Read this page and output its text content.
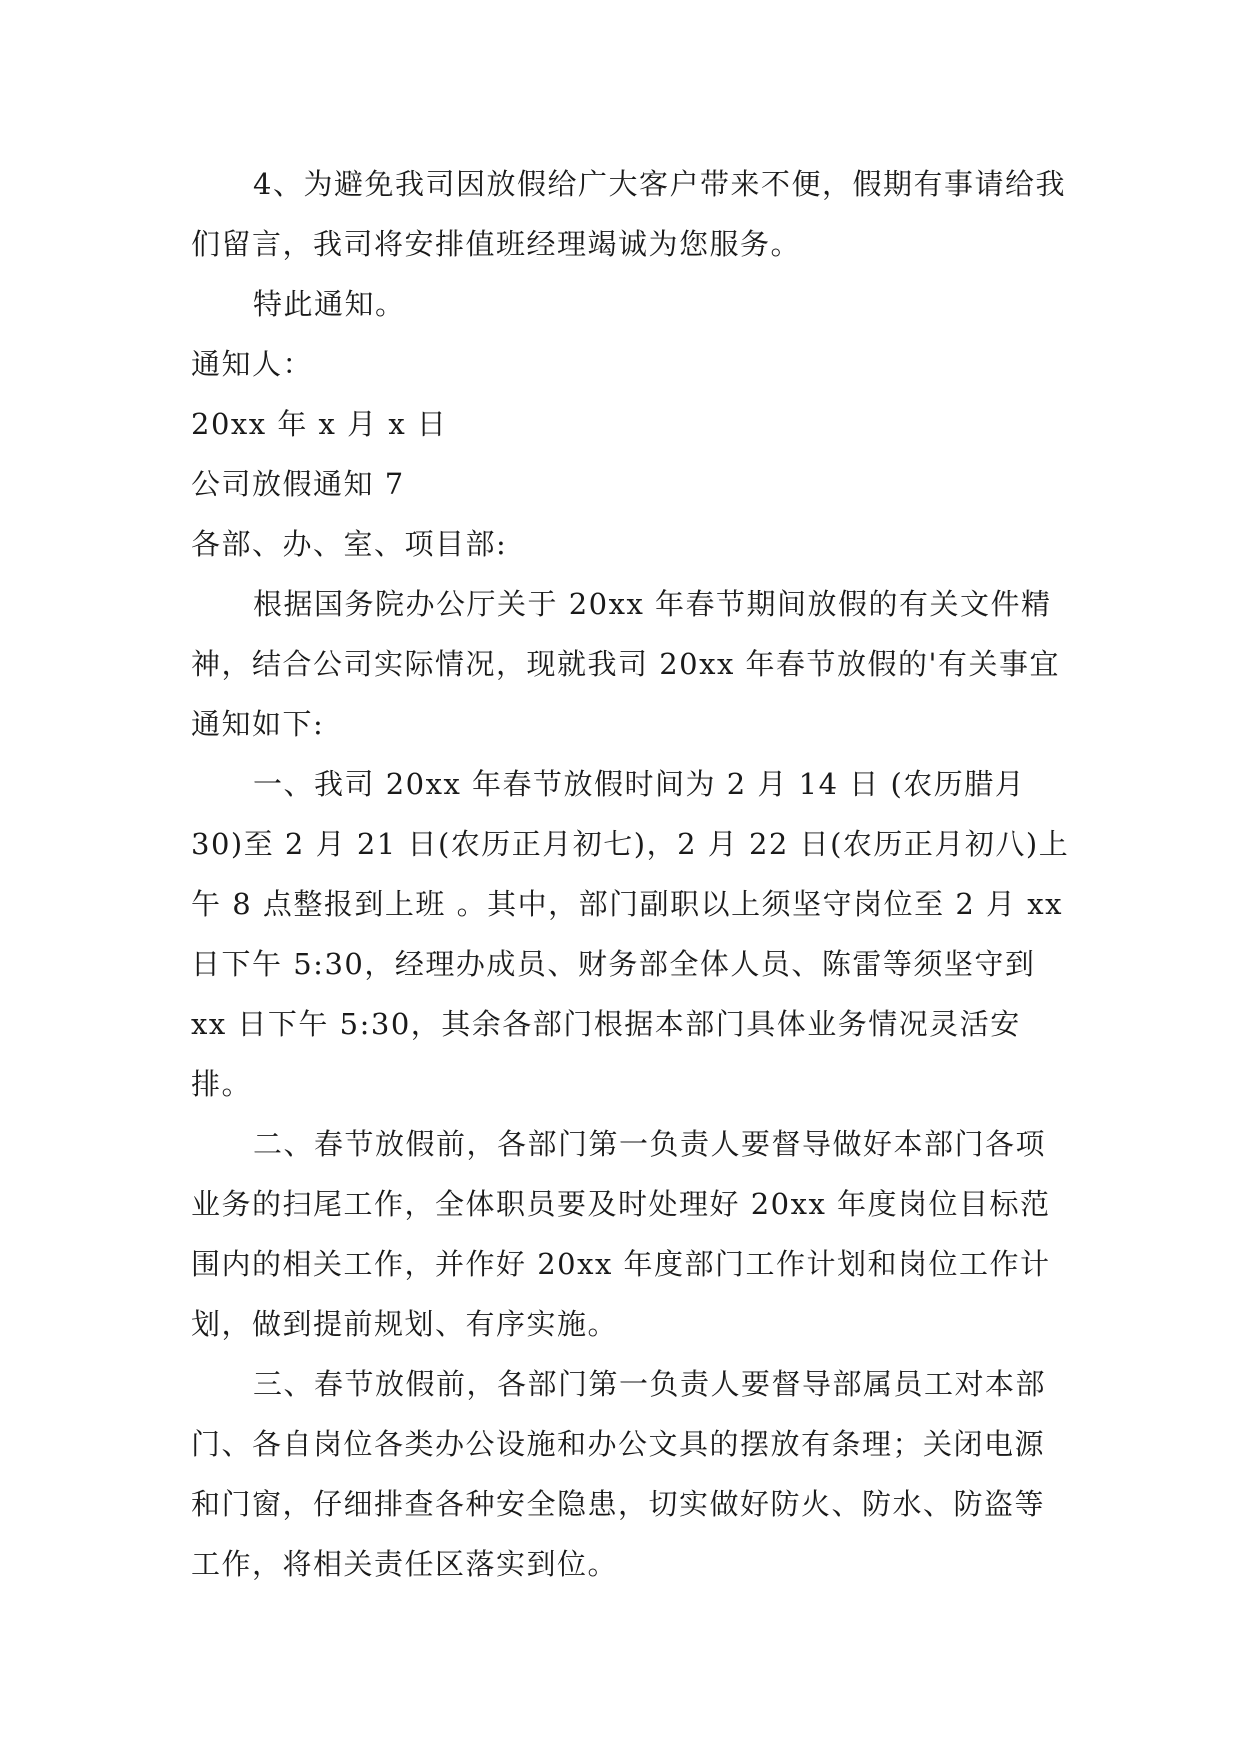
4、为避免我司因放假给广大客户带来不便，假期有事请给我们留言，我司将安排值班经理竭诚为您服务。

特此通知。

通知人：

20xx 年 x 月 x 日

公司放假通知 7

各部、办、室、项目部:

根据国务院办公厅关于 20xx 年春节期间放假的有关文件精神，结合公司实际情况，现就我司 20xx 年春节放假的'有关事宜通知如下:

一、我司 20xx 年春节放假时间为 2 月 14 日 (农历腊月 30)至 2 月 21 日(农历正月初七)，2 月 22 日(农历正月初八)上午 8 点整报到上班 。其中，部门副职以上须坚守岗位至 2 月 xx 日下午 5:30，经理办成员、财务部全体人员、陈雷等须坚守到 xx 日下午 5:30，其余各部门根据本部门具体业务情况灵活安排。

二、春节放假前，各部门第一负责人要督导做好本部门各项业务的扫尾工作，全体职员要及时处理好 20xx 年度岗位目标范围内的相关工作，并作好 20xx 年度部门工作计划和岗位工作计划，做到提前规划、有序实施。

三、春节放假前，各部门第一负责人要督导部属员工对本部门、各自岗位各类办公设施和办公文具的摆放有条理；关闭电源和门窗，仔细排查各种安全隐患，切实做好防火、防水、防盗等工作，将相关责任区落实到位。
